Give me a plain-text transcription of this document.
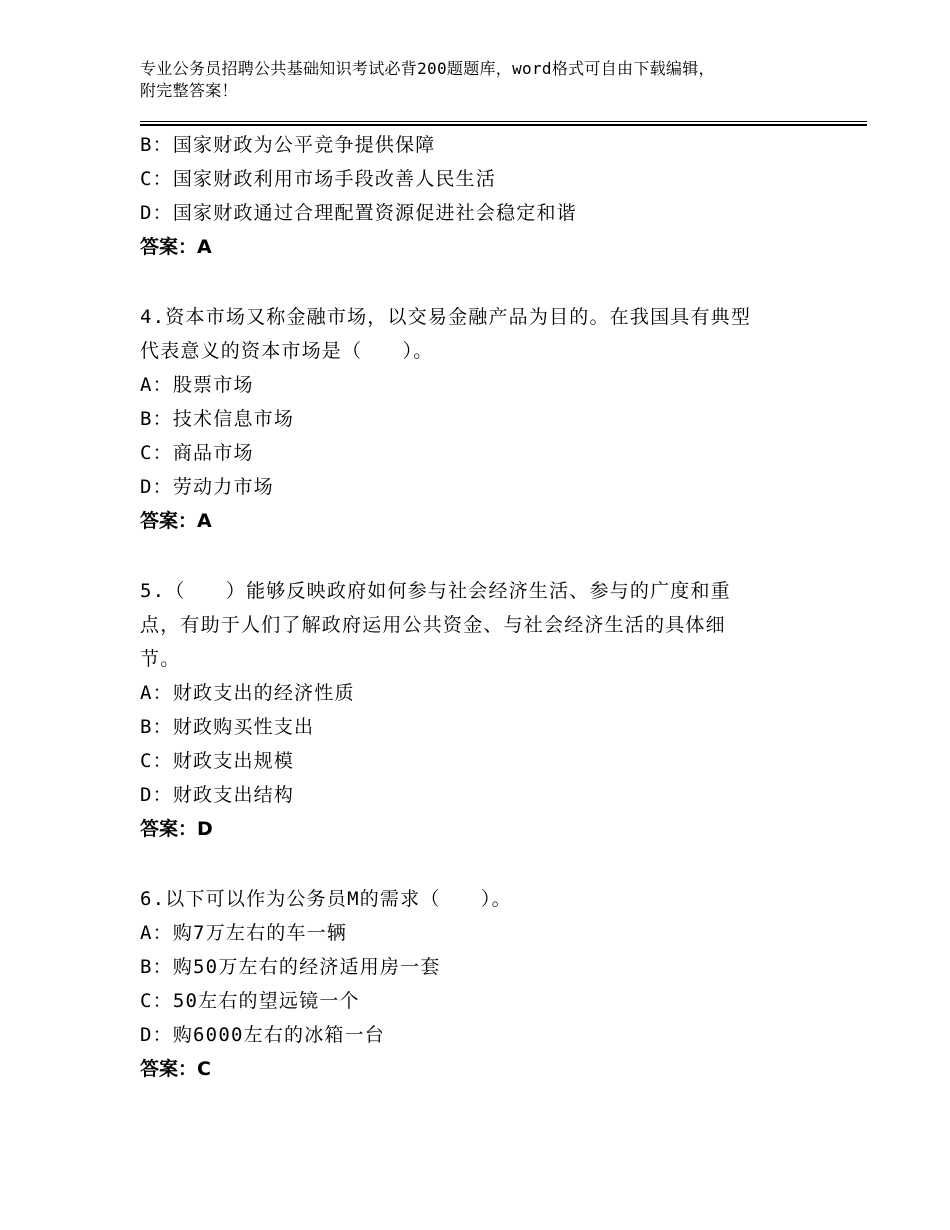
专业公务员招聘公共基础知识考试必背200题题库，word格式可自由下载编辑，
附完整答案！
B：国家财政为公平竞争提供保障
C：国家财政利用市场手段改善人民生活
D：国家财政通过合理配置资源促进社会稳定和谐
答案：A
4.资本市场又称金融市场，以交易金融产品为目的。在我国具有典型
代表意义的资本市场是（　　）。
A：股票市场
B：技术信息市场
C：商品市场
D：劳动力市场
答案：A
5.（　　）能够反映政府如何参与社会经济生活、参与的广度和重
点，有助于人们了解政府运用公共资金、与社会经济生活的具体细
节。
A：财政支出的经济性质
B：财政购买性支出
C：财政支出规模
D：财政支出结构
答案：D
6.以下可以作为公务员M的需求（　　）。
A：购7万左右的车一辆
B：购50万左右的经济适用房一套
C：50左右的望远镜一个
D：购6000左右的冰箱一台
答案：C
